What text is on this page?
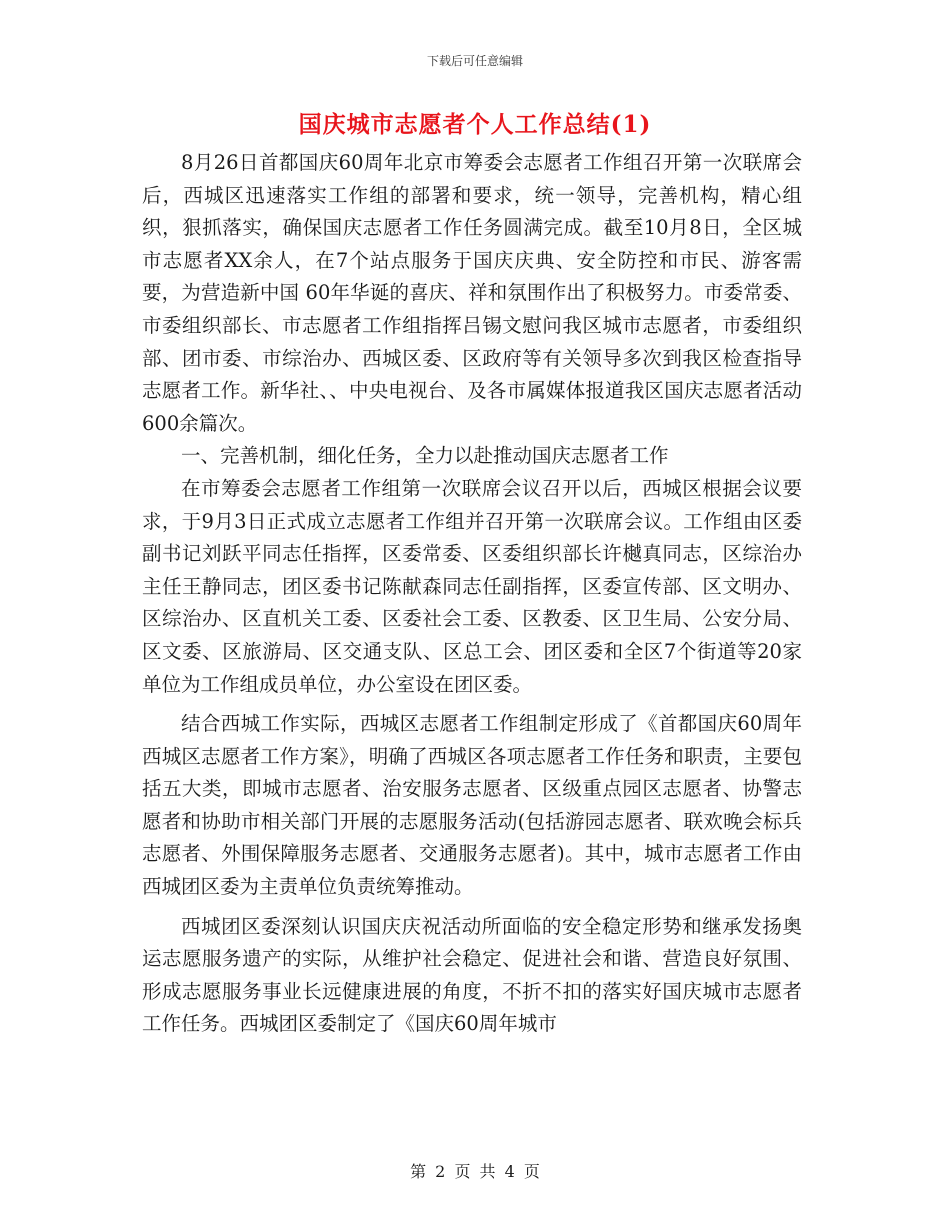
下载后可任意编辑
国庆城市志愿者个人工作总结(1)

8月26日首都国庆60周年北京市筹委会志愿者工作组召开第一次联席会后，西城区迅速落实工作组的部署和要求，统一领导，完善机构，精心组织，狠抓落实，确保国庆志愿者工作任务圆满完成。截至10月8日，全区城市志愿者XX余人，在7个站点服务于国庆庆典、安全防控和市民、游客需要，为营造新中国 60年华诞的喜庆、祥和氛围作出了积极努力。市委常委、市委组织部长、市志愿者工作组指挥吕锡文慰问我区城市志愿者，市委组织部、团市委、市综治办、西城区委、区政府等有关领导多次到我区检查指导志愿者工作。新华社、、中央电视台、及各市属媒体报道我区国庆志愿者活动600余篇次。

一、完善机制，细化任务，全力以赴推动国庆志愿者工作

在市筹委会志愿者工作组第一次联席会议召开以后，西城区根据会议要求，于9月3日正式成立志愿者工作组并召开第一次联席会议。工作组由区委副书记刘跃平同志任指挥，区委常委、区委组织部长许樾真同志，区综治办主任王静同志，团区委书记陈献森同志任副指挥，区委宣传部、区文明办、区综治办、区直机关工委、区委社会工委、区教委、区卫生局、公安分局、区文委、区旅游局、区交通支队、区总工会、团区委和全区7个街道等20家单位为工作组成员单位，办公室设在团区委。

结合西城工作实际，西城区志愿者工作组制定形成了《首都国庆60周年西城区志愿者工作方案》，明确了西城区各项志愿者工作任务和职责，主要包括五大类，即城市志愿者、治安服务志愿者、区级重点园区志愿者、协警志愿者和协助市相关部门开展的志愿服务活动(包括游园志愿者、联欢晚会标兵志愿者、外围保障服务志愿者、交通服务志愿者)。其中，城市志愿者工作由西城团区委为主责单位负责统筹推动。

西城团区委深刻认识国庆庆祝活动所面临的安全稳定形势和继承发扬奥运志愿服务遗产的实际，从维护社会稳定、促进社会和谐、营造良好氛围、形成志愿服务事业长远健康进展的角度，不折不扣的落实好国庆城市志愿者工作任务。西城团区委制定了《国庆60周年城市

第 2 页 共 4 页
